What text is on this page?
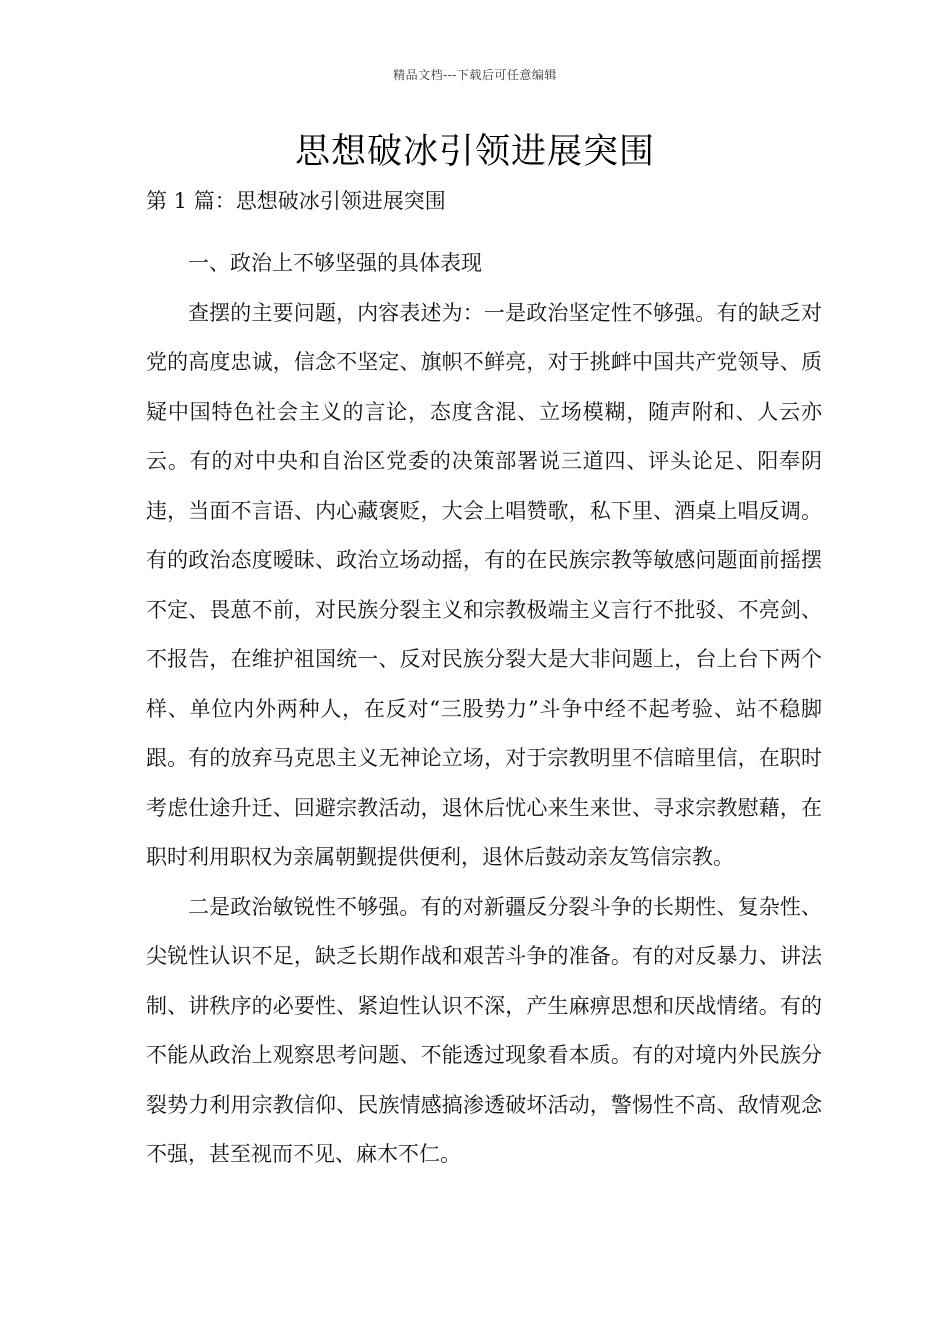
精品文档---下载后可任意编辑
思想破冰引领进展突围

第 1 篇：思想破冰引领进展突围

一、政治上不够坚强的具体表现

查摆的主要问题，内容表述为：一是政治坚定性不够强。有的缺乏对党的高度忠诚，信念不坚定、旗帜不鲜亮，对于挑衅中国共产党领导、质疑中国特色社会主义的言论，态度含混、立场模糊，随声附和、人云亦云。有的对中央和自治区党委的决策部署说三道四、评头论足、阳奉阴违，当面不言语、内心藏褒贬，大会上唱赞歌，私下里、酒桌上唱反调。有的政治态度暧昧、政治立场动摇，有的在民族宗教等敏感问题面前摇摆不定、畏葸不前，对民族分裂主义和宗教极端主义言行不批驳、不亮剑、不报告，在维护祖国统一、反对民族分裂大是大非问题上，台上台下两个样、单位内外两种人，在反对“三股势力”斗争中经不起考验、站不稳脚跟。有的放弃马克思主义无神论立场，对于宗教明里不信暗里信，在职时考虑仕途升迁、回避宗教活动，退休后忧心来生来世、寻求宗教慰藉，在职时利用职权为亲属朝觐提供便利，退休后鼓动亲友笃信宗教。

二是政治敏锐性不够强。有的对新疆反分裂斗争的长期性、复杂性、尖锐性认识不足，缺乏长期作战和艰苦斗争的准备。有的对反暴力、讲法制、讲秩序的必要性、紧迫性认识不深，产生麻痹思想和厌战情绪。有的不能从政治上观察思考问题、不能透过现象看本质。有的对境内外民族分裂势力利用宗教信仰、民族情感搞渗透破坏活动，警惕性不高、敌情观念不强，甚至视而不见、麻木不仁。
